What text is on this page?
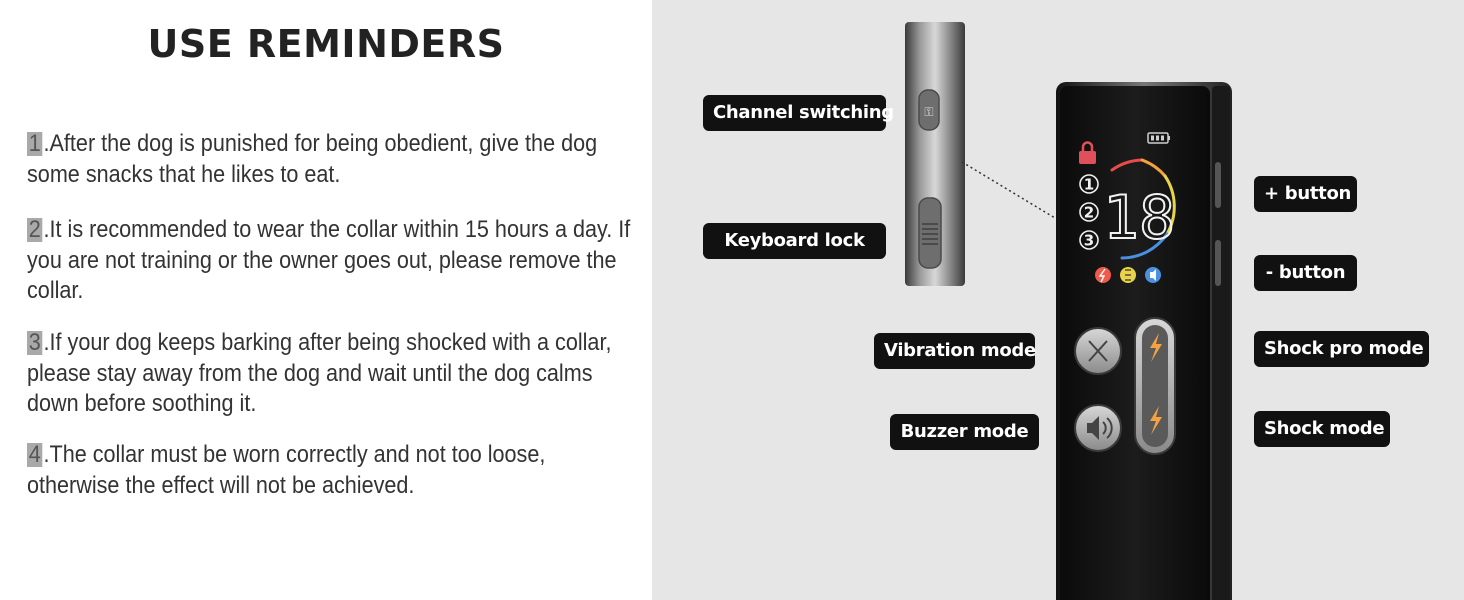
USE REMINDERS
1 .After the dog is punished for being obedient, give the dog some snacks that he likes to eat.
2 .It is recommended to wear the collar within 15 hours a day. If you are not training or the owner goes out, please remove the collar.
3 .If your dog keeps barking after being shocked with a collar, please stay away from the dog and wait until the dog calms down before soothing it.
4 .The collar must be worn correctly and not too loose, otherwise the effect will not be achieved.
⚿
1
2
3 18
Channel switching
Keyboard lock
+ button
- button
Vibration mode	Shock pro mode
Buzzer mode	Shock mode
